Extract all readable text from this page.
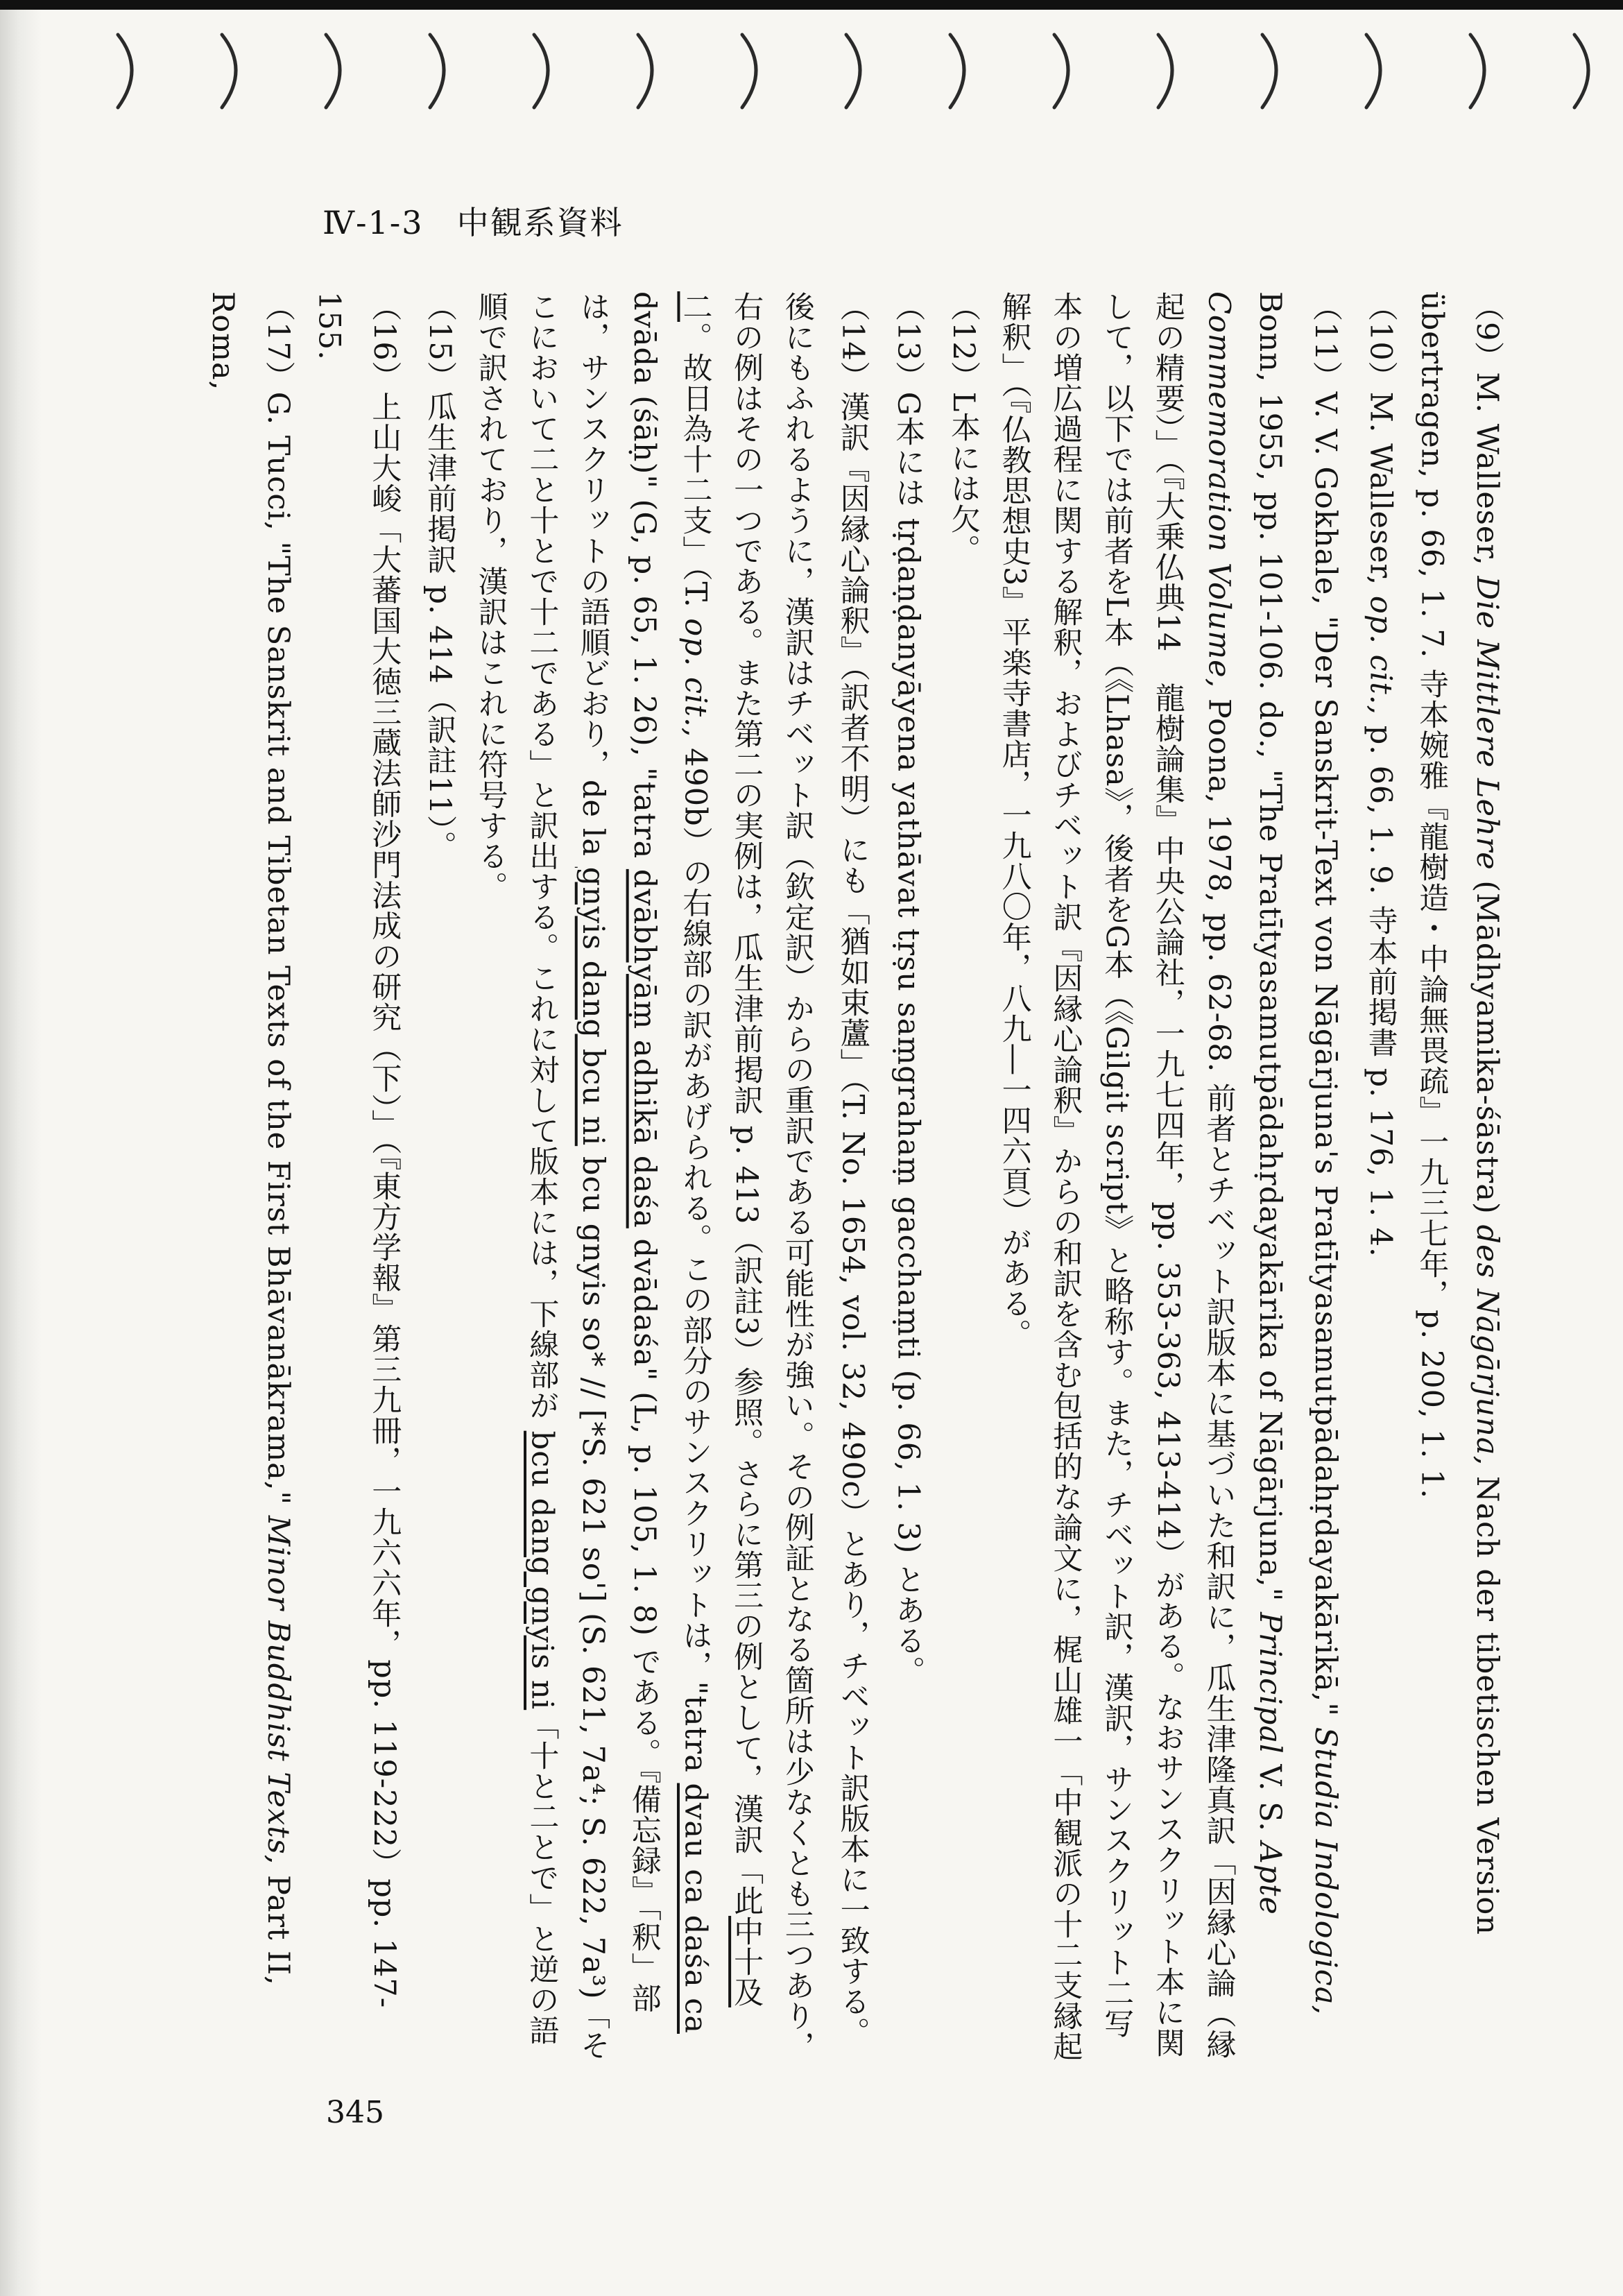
Ⅳ-1-3　中観系資料

（9）M. Walleser, Die Mittlere Lehre (Mādhyamika-śāstra) des Nāgārjuna, Nach der tibetischen Version übertragen, p. 66, 1. 7. 寺本婉雅『龍樹造・中論無畏疏』一九三七年，p. 200, 1. 1.

（10）M. Walleser, op. cit., p. 66, 1. 9. 寺本前掲書 p. 176, 1. 4.

（11）V. V. Gokhale, "Der Sanskrit-Text von Nāgārjuna's Pratītyasamutpādahṛdayakārikā," Studia Indologica, Bonn, 1955, pp. 101-106. do., "The Pratītyasamutpādahṛdayakārika of Nāgārjuna," Principal V. S. Apte Commemoration Volume, Poona, 1978, pp. 62-68. 前者とチベット訳版本に基づいた和訳に，瓜生津隆真訳「因縁心論（縁起の精要）」（『大乗仏典14　龍樹論集』中央公論社，一九七四年，pp. 353-363, 413-414）がある。なおサンスクリット本に関して，以下では前者をL本（《Lhasa》，後者をG本（《Gilgit script》と略称す。また，チベット訳，漢訳，サンスクリット二写本の増広過程に関する解釈，およびチベット訳『因縁心論釈』からの和訳を含む包括的な論文に，梶山雄一「中観派の十二支縁起解釈」（『仏教思想史3』平楽寺書店，一九八〇年，八九―一四六頁）がある。

（12）L本には欠。

（13）G本には tṛḍaṇḍanyāyena yathāvat tṛṣu saṃgrahaṃ gacchaṃti (p. 66, 1. 3) とある。

（14）漢訳『因縁心論釈』（訳者不明）にも「猶如束蘆」（T. No. 1654, vol. 32, 490c）とあり，チベット訳版本に一致する。後にもふれるように，漢訳はチベット訳（欽定訳）からの重訳である可能性が強い。その例証となる箇所は少なくとも三つあり，右の例はその一つである。また第二の実例は，瓜生津前掲訳 p. 413（訳註3）参照。さらに第三の例として，漢訳「此中十及二。故日為十二支」（T. op. cit., 490b）の右線部の訳があげられる。この部分のサンスクリットは，"tatra dvau ca daśa ca dvāda (śāḥ)" (G, p. 65, 1. 26), "tatra dvābhyāṃ adhikā daśa dvādaśa" (L, p. 105, 1. 8) である。『備忘録』「釈」部は，サンスクリットの語順どおり，de la gnyis dang bcu ni bcu gnyis so* // [*S. 621 so'] (S. 621, 7a⁴; S. 622, 7a³)「そこにおいて二と十とで十二である」と訳出する。これに対して版本には，下線部が bcu dang gnyis ni「十と二とで」と逆の語順で訳されており，漢訳はこれに符号する。

（15）瓜生津前掲訳 p. 414（訳註11）。

（16）上山大峻「大蕃国大徳三蔵法師沙門法成の研究（下）」（『東方学報』第三九冊，一九六六年，pp. 119-222）pp. 147-155.

（17）G. Tucci, "The Sanskrit and Tibetan Texts of the First Bhāvanākrama," Minor Buddhist Texts, Part II, Roma,

345
